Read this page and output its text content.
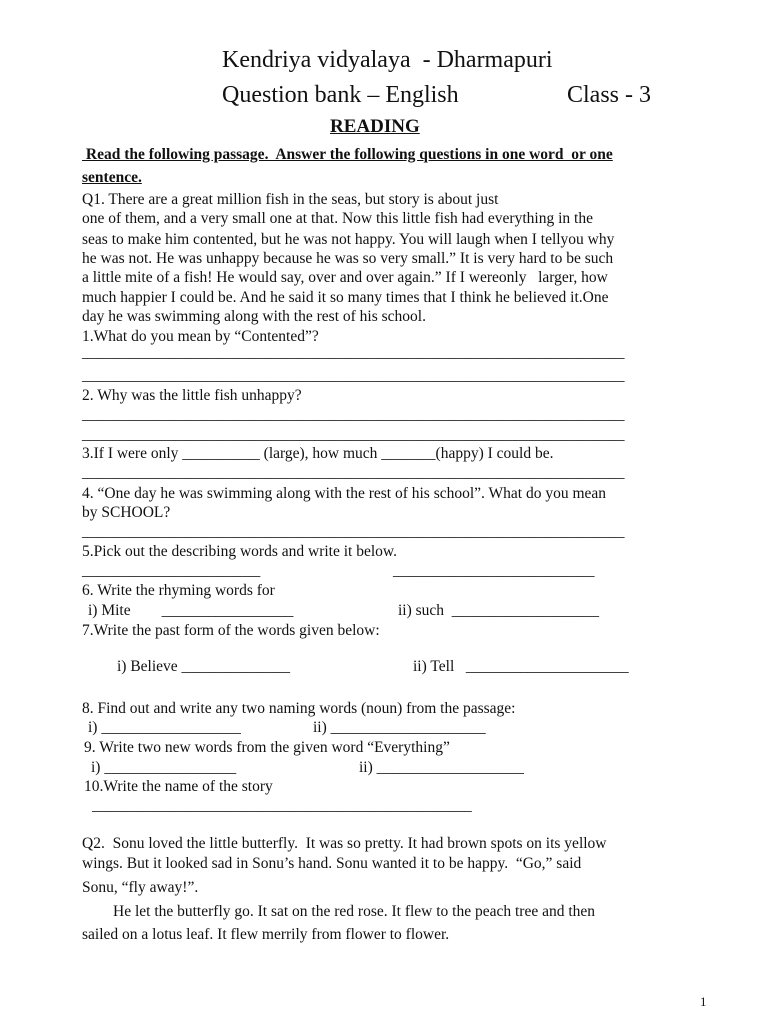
Kendriya vidyalaya  - Dharmapuri
Question bank – English	Class - 3
READING
Read the following passage.  Answer the following questions in one word  or one
sentence.
Q1. There are a great million fish in the seas, but story is about just
one of them, and a very small one at that. Now this little fish had everything in the
seas to make him contented, but he was not happy. You will laugh when I tellyou why
he was not. He was unhappy because he was so very small.” It is very hard to be such
a little mite of a fish! He would say, over and over again.” If I wereonly   larger, how
much happier I could be. And he said it so many times that I think he believed it.One
day he was swimming along with the rest of his school.
1.What do you mean by “Contented”?
______________________________________________________________________
______________________________________________________________________
2. Why was the little fish unhappy?
______________________________________________________________________
______________________________________________________________________
3.If I were only __________ (large), how much _______(happy) I could be.
______________________________________________________________________
4. “One day he was swimming along with the rest of his school”. What do you mean
by SCHOOL?
______________________________________________________________________
5.Pick out the describing words and write it below.
_______________________	__________________________
6. Write the rhyming words for
i) Mite        _________________	ii) such  ___________________
7.Write the past form of the words given below:
i) Believe ______________	ii) Tell   _____________________
8. Find out and write any two naming words (noun) from the passage:
i) __________________	ii) ____________________
9. Write two new words from the given word “Everything”
i) _________________	ii) ___________________
10.Write the name of the story
_________________________________________________
Q2.  Sonu loved the little butterfly.  It was so pretty. It had brown spots on its yellow
wings. But it looked sad in Sonu’s hand. Sonu wanted it to be happy.  “Go,” said
Sonu, “fly away!”.
He let the butterfly go. It sat on the red rose. It flew to the peach tree and then
sailed on a lotus leaf. It flew merrily from flower to flower.
1
